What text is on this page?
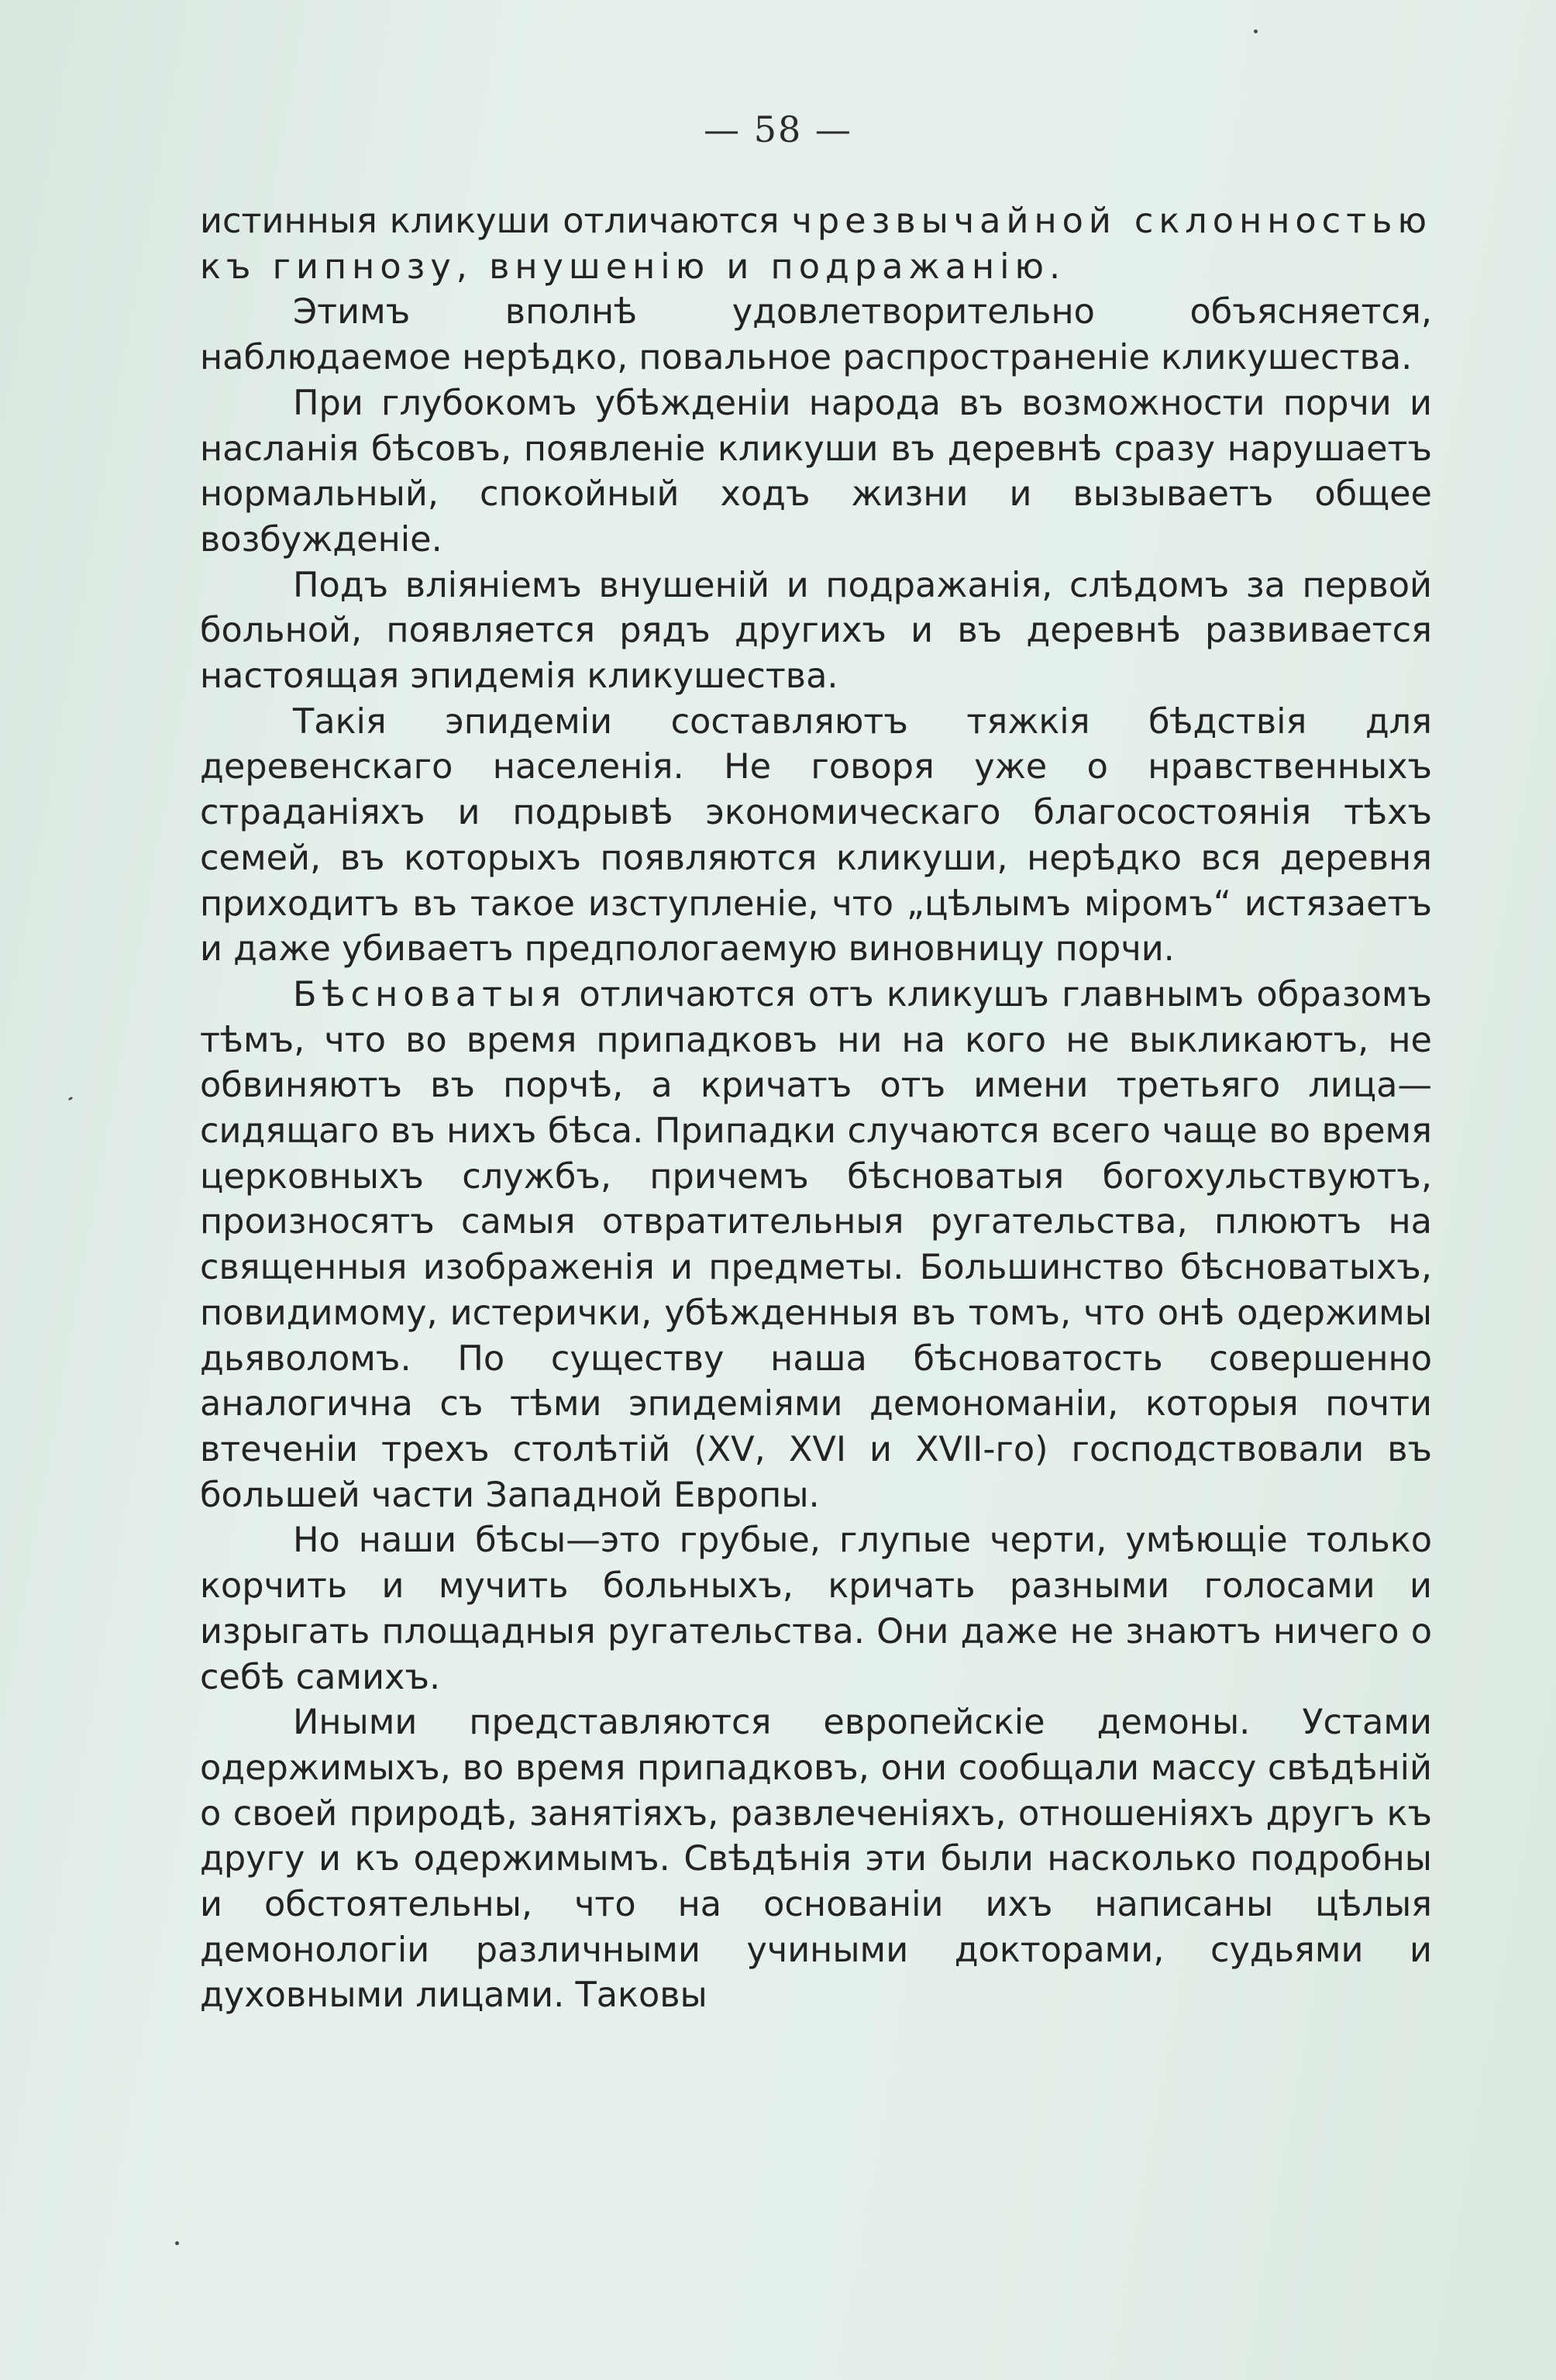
— 58 —

истинныя кликуши отличаются чрезвычайной склонностью къ гипнозу, внушенію и подражанію.

Этимъ вполнѣ удовлетворительно объясняется, наблюдаемое нерѣдко, повальное распространеніе кликушества.

При глубокомъ убѣжденіи народа въ возможности порчи и насланія бѣсовъ, появленіе кликуши въ деревнѣ сразу нарушаетъ нормальный, спокойный ходъ жизни и вызываетъ общее возбужденіе.

Подъ вліяніемъ внушеній и подражанія, слѣдомъ за первой больной, появляется рядъ другихъ и въ деревнѣ развивается настоящая эпидемія кликушества.

Такія эпидеміи составляютъ тяжкія бѣдствія для деревенскаго населенія. Не говоря уже о нравственныхъ страданіяхъ и подрывѣ экономическаго благосостоянія тѣхъ семей, въ которыхъ появляются кликуши, нерѣдко вся деревня приходитъ въ такое изступленіе, что „цѣлымъ міромъ“ истязаетъ и даже убиваетъ предпологаемую виновницу порчи.

Бѣсноватыя отличаются отъ кликушъ главнымъ образомъ тѣмъ, что во время припадковъ ни на кого не выкликаютъ, не обвиняютъ въ порчѣ, а кричатъ отъ имени третьяго лица—сидящаго въ нихъ бѣса. Припадки случаются всего чаще во время церковныхъ службъ, причемъ бѣсноватыя богохульствуютъ, произносятъ самыя отвратительныя ругательства, плюютъ на священныя изображенія и предметы. Большинство бѣсноватыхъ, повидимому, истерички, убѣжденныя въ томъ, что онѣ одержимы дьяволомъ. По существу наша бѣсноватость совершенно аналогична съ тѣми эпидеміями демономаніи, которыя почти втеченіи трехъ столѣтій (XV, XVI и XVII-го) господствовали въ большей части Западной Европы.

Но наши бѣсы—это грубые, глупые черти, умѣющіе только корчить и мучить больныхъ, кричать разными голосами и изрыгать площадныя ругательства. Они даже не знаютъ ничего о себѣ самихъ.

Иными представляются европейскіе демоны. Устами одержимыхъ, во время припадковъ, они сообщали массу свѣдѣній о своей природѣ, занятіяхъ, развлеченіяхъ, отношеніяхъ другъ къ другу и къ одержимымъ. Свѣдѣнія эти были насколько подробны и обстоятельны, что на основаніи ихъ написаны цѣлыя демонологіи различными учиными докторами, судьями и духовными лицами. Таковы
